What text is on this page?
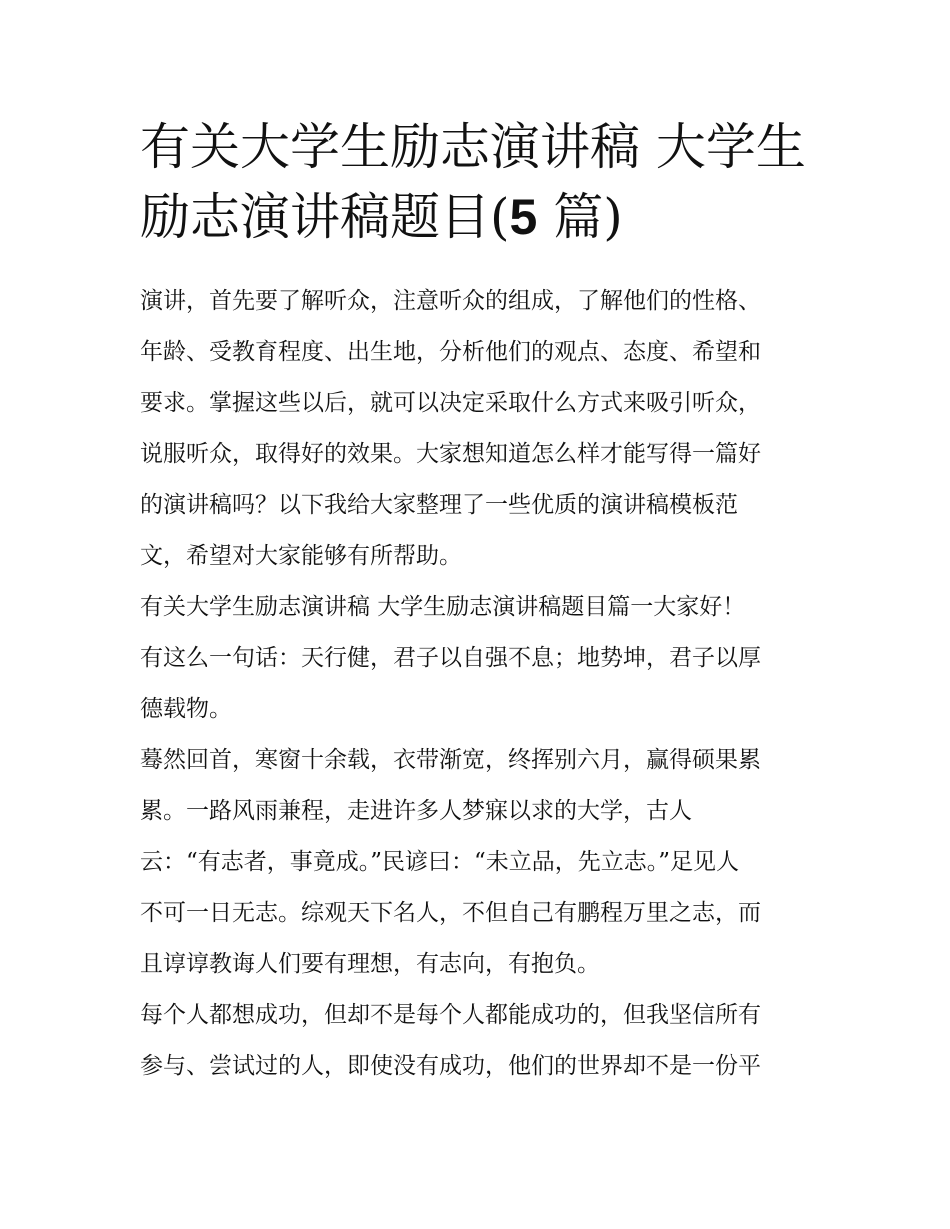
有关大学生励志演讲稿 大学生励志演讲稿题目(5 篇)
演讲，首先要了解听众，注意听众的组成，了解他们的性格、
年龄、受教育程度、出生地，分析他们的观点、态度、希望和
要求。掌握这些以后，就可以决定采取什么方式来吸引听众，
说服听众，取得好的效果。大家想知道怎么样才能写得一篇好
的演讲稿吗？以下我给大家整理了一些优质的演讲稿模板范
文，希望对大家能够有所帮助。
有关大学生励志演讲稿 大学生励志演讲稿题目篇一大家好！
有这么一句话：天行健，君子以自强不息；地势坤，君子以厚
德载物。
蓦然回首，寒窗十余载，衣带渐宽，终挥别六月，赢得硕果累
累。一路风雨兼程，走进许多人梦寐以求的大学，古人
云：“有志者，事竟成。”民谚曰：“未立品，先立志。”足见人
不可一日无志。综观天下名人，不但自己有鹏程万里之志，而
且谆谆教诲人们要有理想，有志向，有抱负。
每个人都想成功，但却不是每个人都能成功的，但我坚信所有
参与、尝试过的人，即使没有成功，他们的世界却不是一份平
